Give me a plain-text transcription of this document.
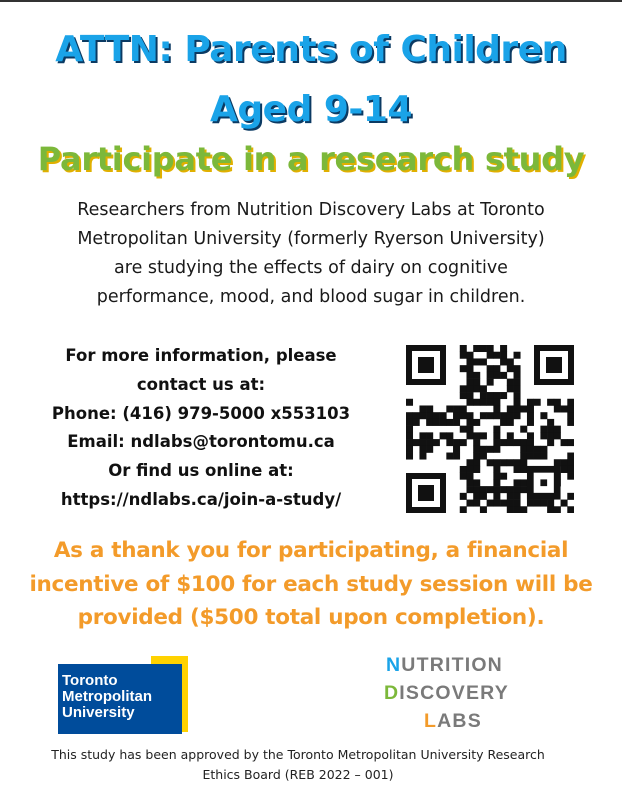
ATTN: Parents of Children
Aged 9-14
Participate in a research study
Researchers from Nutrition Discovery Labs at Toronto
Metropolitan University (formerly Ryerson University)
are studying the effects of dairy on cognitive
performance, mood, and blood sugar in children.
For more information, please
contact us at:
Phone: (416) 979-5000 x553103
Email: ndlabs@torontomu.ca
Or find us online at:
https://ndlabs.ca/join-a-study/
As a thank you for participating, a financial
incentive of $100 for each study session will be
provided ($500 total upon completion).
Toronto
Metropolitan
University
NUTRITION
DISCOVERY
LABS
This study has been approved by the Toronto Metropolitan University Research
Ethics Board (REB 2022 – 001)
